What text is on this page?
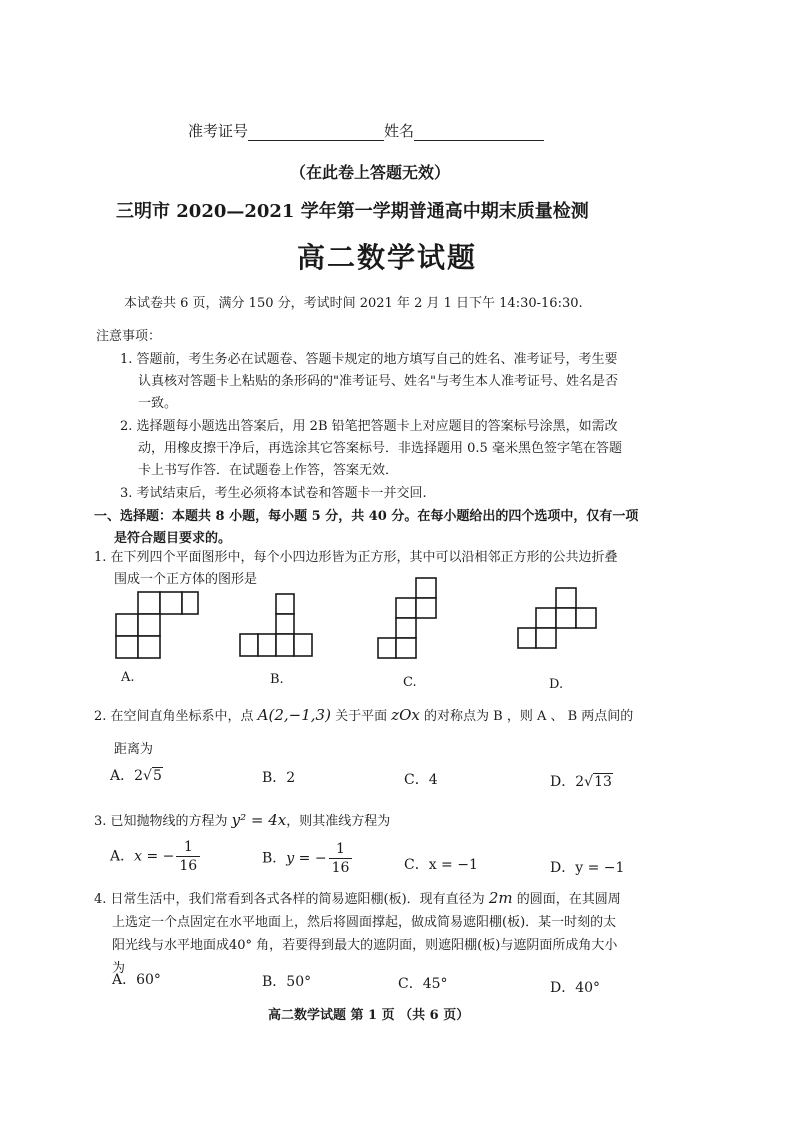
准考证号	姓名
（在此卷上答题无效）
三明市 2020—2021 学年第一学期普通高中期末质量检测
高二数学试题
本试卷共 6 页，满分 150 分，考试时间 2021 年 2 月 1 日下午 14:30-16:30.
注意事项：
1. 答题前，考生务必在试题卷、答题卡规定的地方填写自己的姓名、准考证号，考生要
认真核对答题卡上粘贴的条形码的"准考证号、姓名"与考生本人准考证号、姓名是否
一致。
2. 选择题每小题选出答案后，用 2B 铅笔把答题卡上对应题目的答案标号涂黑，如需改
动，用橡皮擦干净后，再选涂其它答案标号．非选择题用 0.5 毫米黑色签字笔在答题
卡上书写作答．在试题卷上作答，答案无效．
3. 考试结束后，考生必须将本试卷和答题卡一并交回.
一、选择题：本题共 8 小题，每小题 5 分，共 40 分。在每小题给出的四个选项中，仅有一项
是符合题目要求的。
1. 在下列四个平面图形中，每个小四边形皆为正方形，其中可以沿相邻正方形的公共边折叠
围成一个正方体的图形是
A.	B.	C.	D.
2. 在空间直角坐标系中，点 A(2,−1,3) 关于平面 zOx 的对称点为 B ，则 A 、 B 两点间的
距离为
A．2√5	B．2	C．4	D．2√13
3. 已知抛物线的方程为 y² = 4x，则其准线方程为
A．x = − $\frac{1}{16}$	B．y = − $\frac{1}{16}$	C．x = −1	D．y = −1
4. 日常生活中，我们常看到各式各样的简易遮阳棚(板)．现有直径为 2m 的圆面，在其圆周
上选定一个点固定在水平地面上，然后将圆面撑起，做成简易遮阳棚(板)．某一时刻的太
阳光线与水平地面成40° 角，若要得到最大的遮阴面，则遮阳棚(板)与遮阴面所成角大小
为
A．60°	B．50°	C．45°	D．40°
高二数学试题 第 1 页 （共 6 页）
